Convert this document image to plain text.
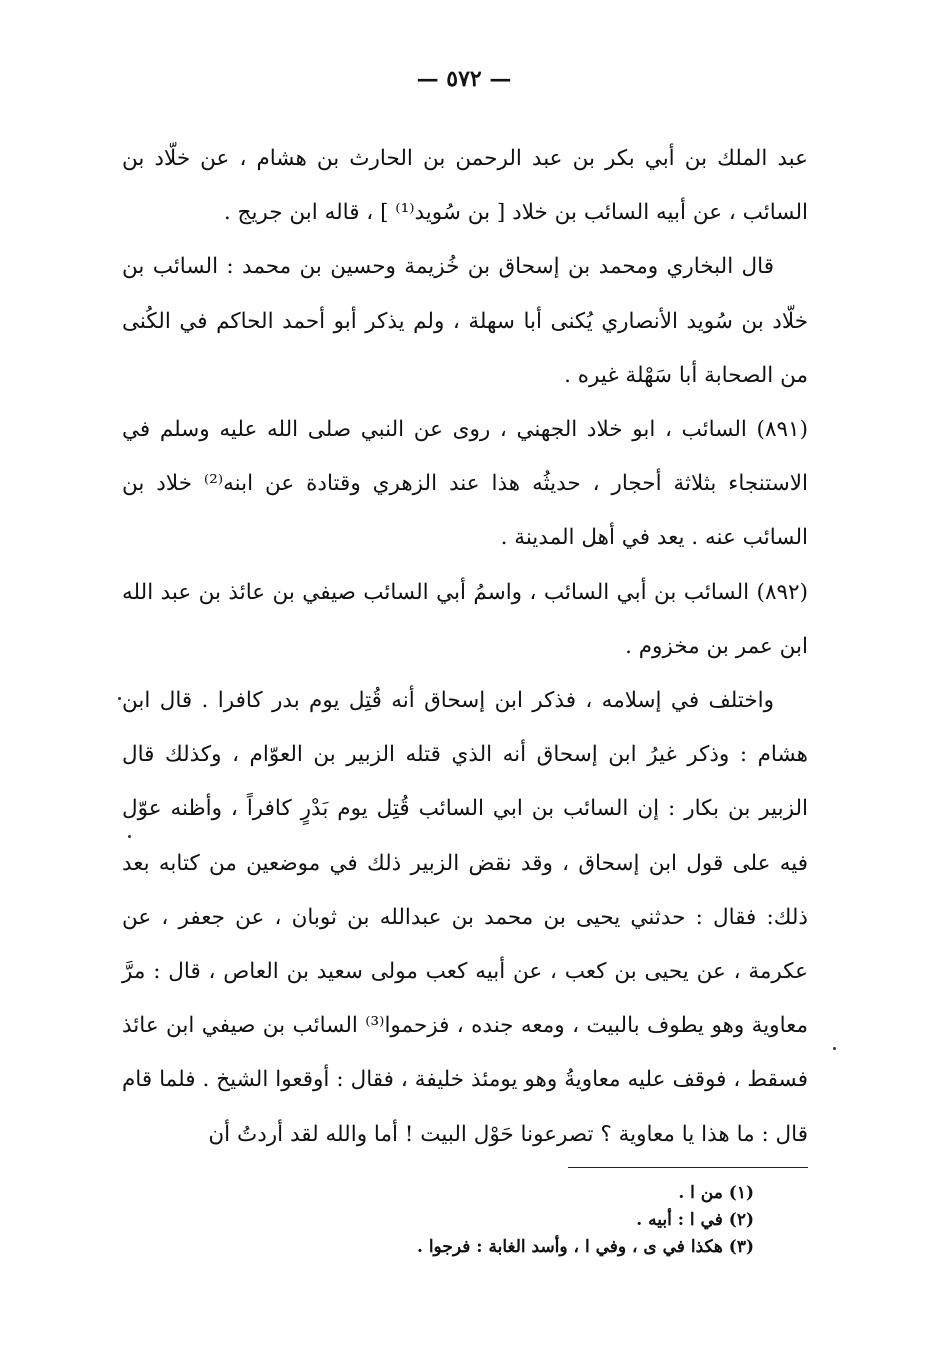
— ٥٧٢ —

عبد الملك بن أبي بكر بن عبد الرحمن بن الحارث بن هشام ، عن خلّاد بن السائب ، عن أبيه السائب بن خلاد [ بن سُويد⁽¹⁾ ] ، قاله ابن جريج .

قال البخاري ومحمد بن إسحاق بن خُزيمة وحسين بن محمد : السائب بن خلّاد بن سُويد الأنصاري يُكنى أبا سهلة ، ولم يذكر أبو أحمد الحاكم في الكُنى من الصحابة أبا سَهْلة غيره .

(٨٩١) السائب ، ابو خلاد الجهني ، روى عن النبي صلى الله عليه وسلم في الاستنجاء بثلاثة أحجار ، حديثُه هذا عند الزهري وقتادة عن ابنه⁽²⁾ خلاد بن السائب عنه . يعد في أهل المدينة .

(٨٩٢) السائب بن أبي السائب ، واسمُ أبي السائب صيفي بن عائذ بن عبد الله ابن عمر بن مخزوم .

واختلف في إسلامه ، فذكر ابن إسحاق أنه قُتِل يوم بدر كافرا . قال ابن هشام : وذكر غيرُ ابن إسحاق أنه الذي قتله الزبير بن العوّام ، وكذلك قال الزبير بن بكار : إن السائب بن ابي السائب قُتِل يوم بَدْرٍ كافراً ، وأظنه عوّل فيه على قول ابن إسحاق ، وقد نقض الزبير ذلك في موضعين من كتابه بعد ذلك: فقال : حدثني يحيى بن محمد بن عبدالله بن ثوبان ، عن جعفر ، عن عكرمة ، عن يحيى بن كعب ، عن أبيه كعب مولى سعيد بن العاص ، قال : مرَّ معاوية وهو يطوف بالبيت ، ومعه جنده ، فزحموا⁽³⁾ السائب بن صيفي ابن عائذ فسقط ، فوقف عليه معاويةُ وهو يومئذ خليفة ، فقال : أوقعوا الشيخ . فلما قام قال : ما هذا يا معاوية ؟ تصرعونا حَوْل البيت ! أما والله لقد أردتُ أن

(١) من ا .
(٢) في ا : أبيه .
(٣) هكذا في ى ، وفي ا ، وأسد الغابة : فرجوا .
